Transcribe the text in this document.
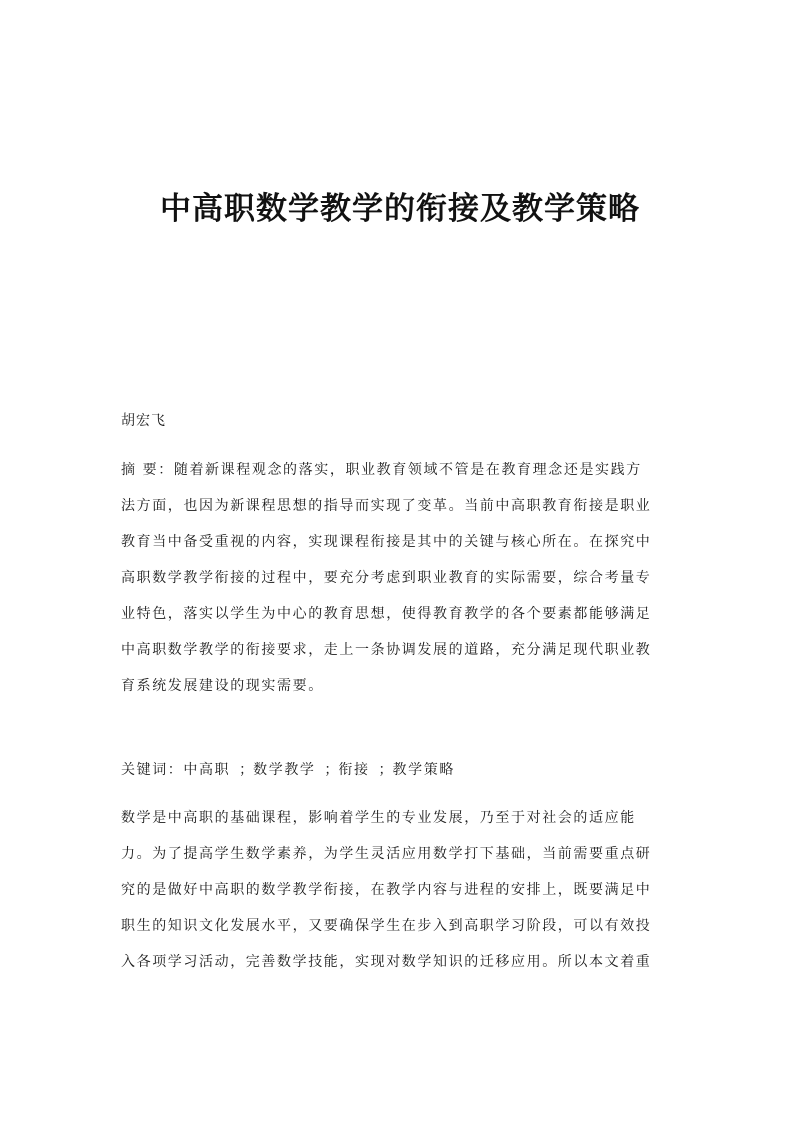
中高职数学教学的衔接及教学策略
胡宏飞
摘 要：随着新课程观念的落实，职业教育领域不管是在教育理念还是实践方
法方面，也因为新课程思想的指导而实现了变革。当前中高职教育衔接是职业
教育当中备受重视的内容，实现课程衔接是其中的关键与核心所在。在探究中
高职数学教学衔接的过程中，要充分考虑到职业教育的实际需要，综合考量专
业特色，落实以学生为中心的教育思想，使得教育教学的各个要素都能够满足
中高职数学教学的衔接要求，走上一条协调发展的道路，充分满足现代职业教
育系统发展建设的现实需要。
关键词：中高职  ；数学教学  ；衔接  ；教学策略
数学是中高职的基础课程，影响着学生的专业发展，乃至于对社会的适应能
力。为了提高学生数学素养，为学生灵活应用数学打下基础，当前需要重点研
究的是做好中高职的数学教学衔接，在教学内容与进程的安排上，既要满足中
职生的知识文化发展水平，又要确保学生在步入到高职学习阶段，可以有效投
入各项学习活动，完善数学技能，实现对数学知识的迁移应用。所以本文着重
